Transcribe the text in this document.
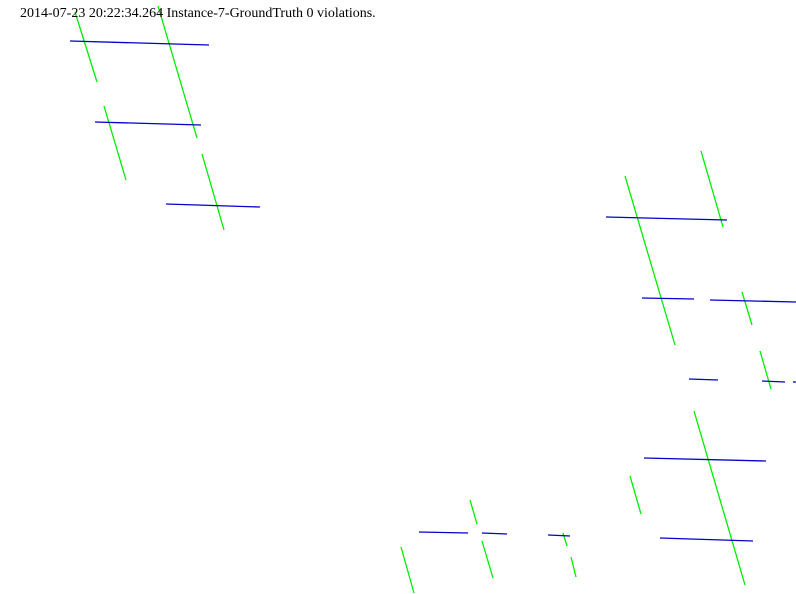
2014-07-23 20:22:34.264 Instance-7-GroundTruth 0 violations.
